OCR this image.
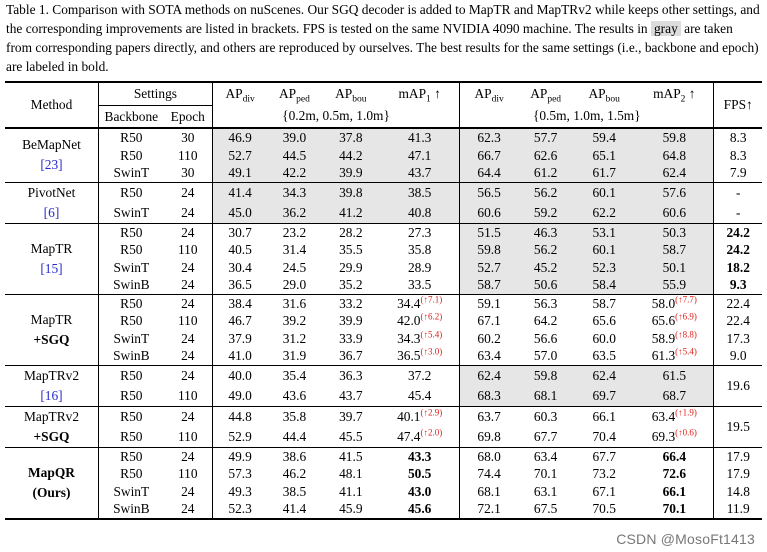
Table 1. Comparison with SOTA methods on nuScenes. Our SGQ decoder is added to MapTR and MapTRv2 while keeps other settings, and the corresponding improvements are listed in brackets. FPS is tested on the same NVIDIA 4090 machine. The results in gray are taken from corresponding papers directly, and others are reproduced by ourselves. The best results for the same settings (i.e., backbone and epoch) are labeled in bold.
Method	Settings		$AP_{div}$	$AP_{ped}$	$AP_{bou}$	mAP$_1$ ↑	$AP_{div}$	$AP_{ped}$	$AP_{bou}$	mAP$_2$ ↑	FPS↑
	Backbone	Epoch	{0.2m, 0.5m, 1.0m}				{0.5m, 1.0m, 1.5m}				

BeMapNet
[23]	R50	30	46.9	39.0	37.8	41.3	62.3	57.7	59.4	59.8	8.3
	R50	110	52.7	44.5	44.2	47.1	66.7	62.6	65.1	64.8	8.3
	SwinT	30	49.1	42.2	39.9	43.7	64.4	61.2	61.7	62.4	7.9

PivotNet
[6]	R50	24	41.4	34.3	39.8	38.5	56.5	56.2	60.1	57.6	-
	SwinT	24	45.0	36.2	41.2	40.8	60.6	59.2	62.2	60.6	-

MapTR
[15]	R50	24	30.7	23.2	28.2	27.3	51.5	46.3	53.1	50.3	24.2
	R50	110	40.5	31.4	35.5	35.8	59.8	56.2	60.1	58.7	24.2
	SwinT	24	30.4	24.5	29.9	28.9	52.7	45.2	52.3	50.1	18.2
	SwinB	24	36.5	29.0	35.2	33.5	58.7	50.6	58.4	55.9	9.3

MapTR
+SGQ	R50	24	38.4	31.6	33.2	$34.4^{(↑7.1)}$	59.1	56.3	58.7	$58.0^{(↑7.7)}$	22.4
	R50	110	46.7	39.2	39.9	$42.0^{(↑6.2)}$	67.1	64.2	65.6	$65.6^{(↑6.9)}$	22.4
	SwinT	24	37.9	31.2	33.9	$34.3^{(↑5.4)}$	60.2	56.6	60.0	$58.9^{(↑8.8)}$	17.3
	SwinB	24	41.0	31.9	36.7	$36.5^{(↑3.0)}$	63.4	57.0	63.5	$61.3^{(↑5.4)}$	9.0

MapTRv2
[16]	R50	24	40.0	35.4	36.3	37.2	62.4	59.8	62.4	61.5	19.6
	R50	110	49.0	43.6	43.7	45.4	68.3	68.1	69.7	68.7	

MapTRv2
+SGQ	R50	24	44.8	35.8	39.7	$40.1^{(↑2.9)}$	63.7	60.3	66.1	$63.4^{(↑1.9)}$	19.5
	R50	110	52.9	44.4	45.5	$47.4^{(↑2.0)}$	69.8	67.7	70.4	$69.3^{(↑0.6)}$

MapQR
(Ours)	R50	24	49.9	38.6	41.5	43.3	68.0	63.4	67.7	66.4	17.9
	R50	110	57.3	46.2	48.1	50.5	74.4	70.1	73.2	72.6	17.9
	SwinT	24	49.3	38.5	41.1	43.0	68.1	63.1	67.1	66.1	14.8
	SwinB	24	52.3	41.4	45.9	45.6	72.1	67.5	70.5	70.1	11.9
CSDN @MosoFt1413
